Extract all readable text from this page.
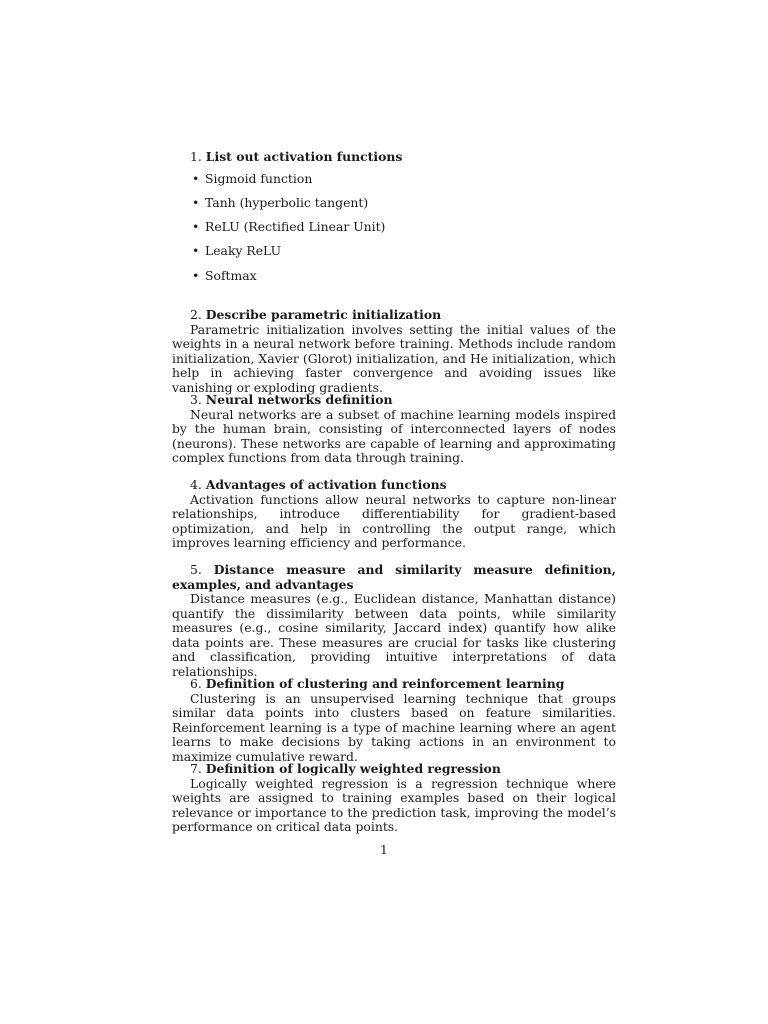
1. List out activation functions

• Sigmoid function
• Tanh (hyperbolic tangent)
• ReLU (Rectified Linear Unit)
• Leaky ReLU
• Softmax

2. Describe parametric initialization

Parametric initialization involves setting the initial values of the weights in a neural network before training. Methods include random initialization, Xavier (Glorot) initialization, and He initialization, which help in achieving faster convergence and avoiding issues like vanishing or exploding gradients.

3. Neural networks definition

Neural networks are a subset of machine learning models inspired by the human brain, consisting of interconnected layers of nodes (neurons). These networks are capable of learning and approximating complex functions from data through training.

4. Advantages of activation functions

Activation functions allow neural networks to capture non-linear relationships, introduce differentiability for gradient-based optimization, and help in controlling the output range, which improves learning efficiency and performance.

5. Distance measure and similarity measure definition, examples, and advantages

Distance measures (e.g., Euclidean distance, Manhattan distance) quantify the dissimilarity between data points, while similarity measures (e.g., cosine similarity, Jaccard index) quantify how alike data points are. These measures are crucial for tasks like clustering and classification, providing intuitive interpretations of data relationships.

6. Definition of clustering and reinforcement learning

Clustering is an unsupervised learning technique that groups similar data points into clusters based on feature similarities. Reinforcement learning is a type of machine learning where an agent learns to make decisions by taking actions in an environment to maximize cumulative reward.

7. Definition of logically weighted regression

Logically weighted regression is a regression technique where weights are assigned to training examples based on their logical relevance or importance to the prediction task, improving the model’s performance on critical data points.

1
